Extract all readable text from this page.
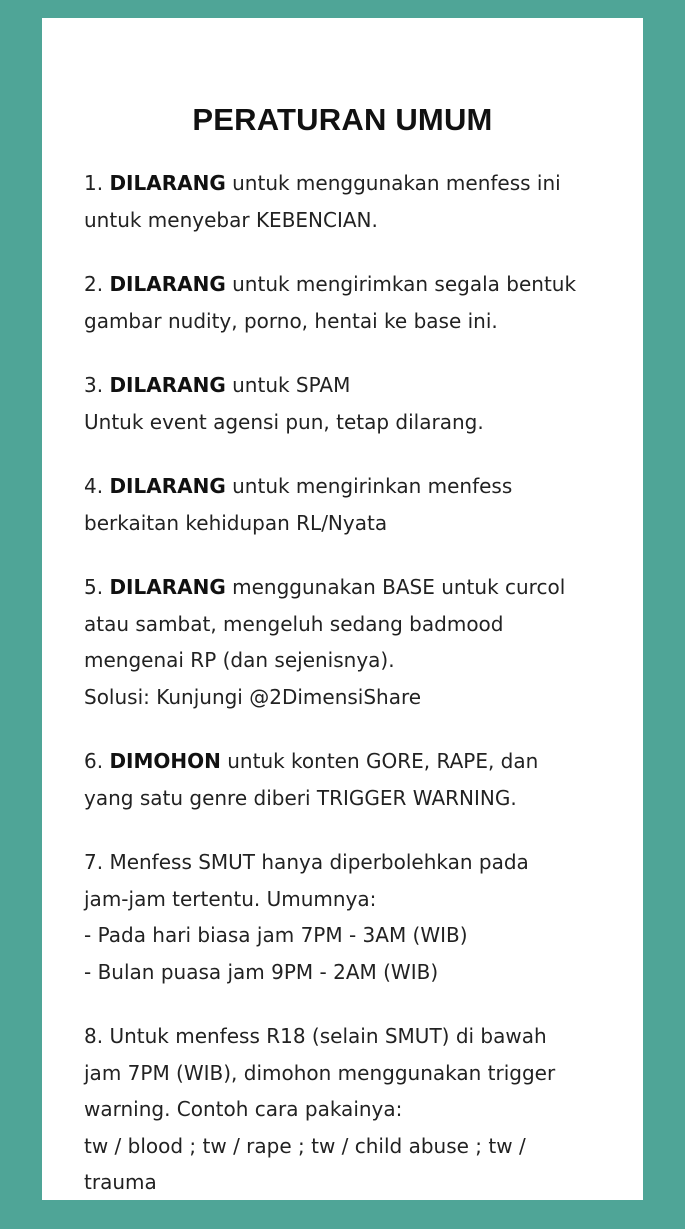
PERATURAN UMUM
1. DILARANG untuk menggunakan menfess ini
untuk menyebar KEBENCIAN.
2. DILARANG untuk mengirimkan segala bentuk
gambar nudity, porno, hentai ke base ini.
3. DILARANG untuk SPAM
Untuk event agensi pun, tetap dilarang.
4. DILARANG untuk mengirinkan menfess
berkaitan kehidupan RL/Nyata
5. DILARANG menggunakan BASE untuk curcol
atau sambat, mengeluh sedang badmood
mengenai RP (dan sejenisnya).
Solusi: Kunjungi @2DimensiShare
6. DIMOHON untuk konten GORE, RAPE, dan
yang satu genre diberi TRIGGER WARNING.
7. Menfess SMUT hanya diperbolehkan pada
jam-jam tertentu. Umumnya:
- Pada hari biasa jam 7PM - 3AM (WIB)
- Bulan puasa jam 9PM - 2AM (WIB)
8. Untuk menfess R18 (selain SMUT) di bawah
jam 7PM (WIB), dimohon menggunakan trigger
warning. Contoh cara pakainya:
tw / blood ; tw / rape ; tw / child abuse ; tw /
trauma
